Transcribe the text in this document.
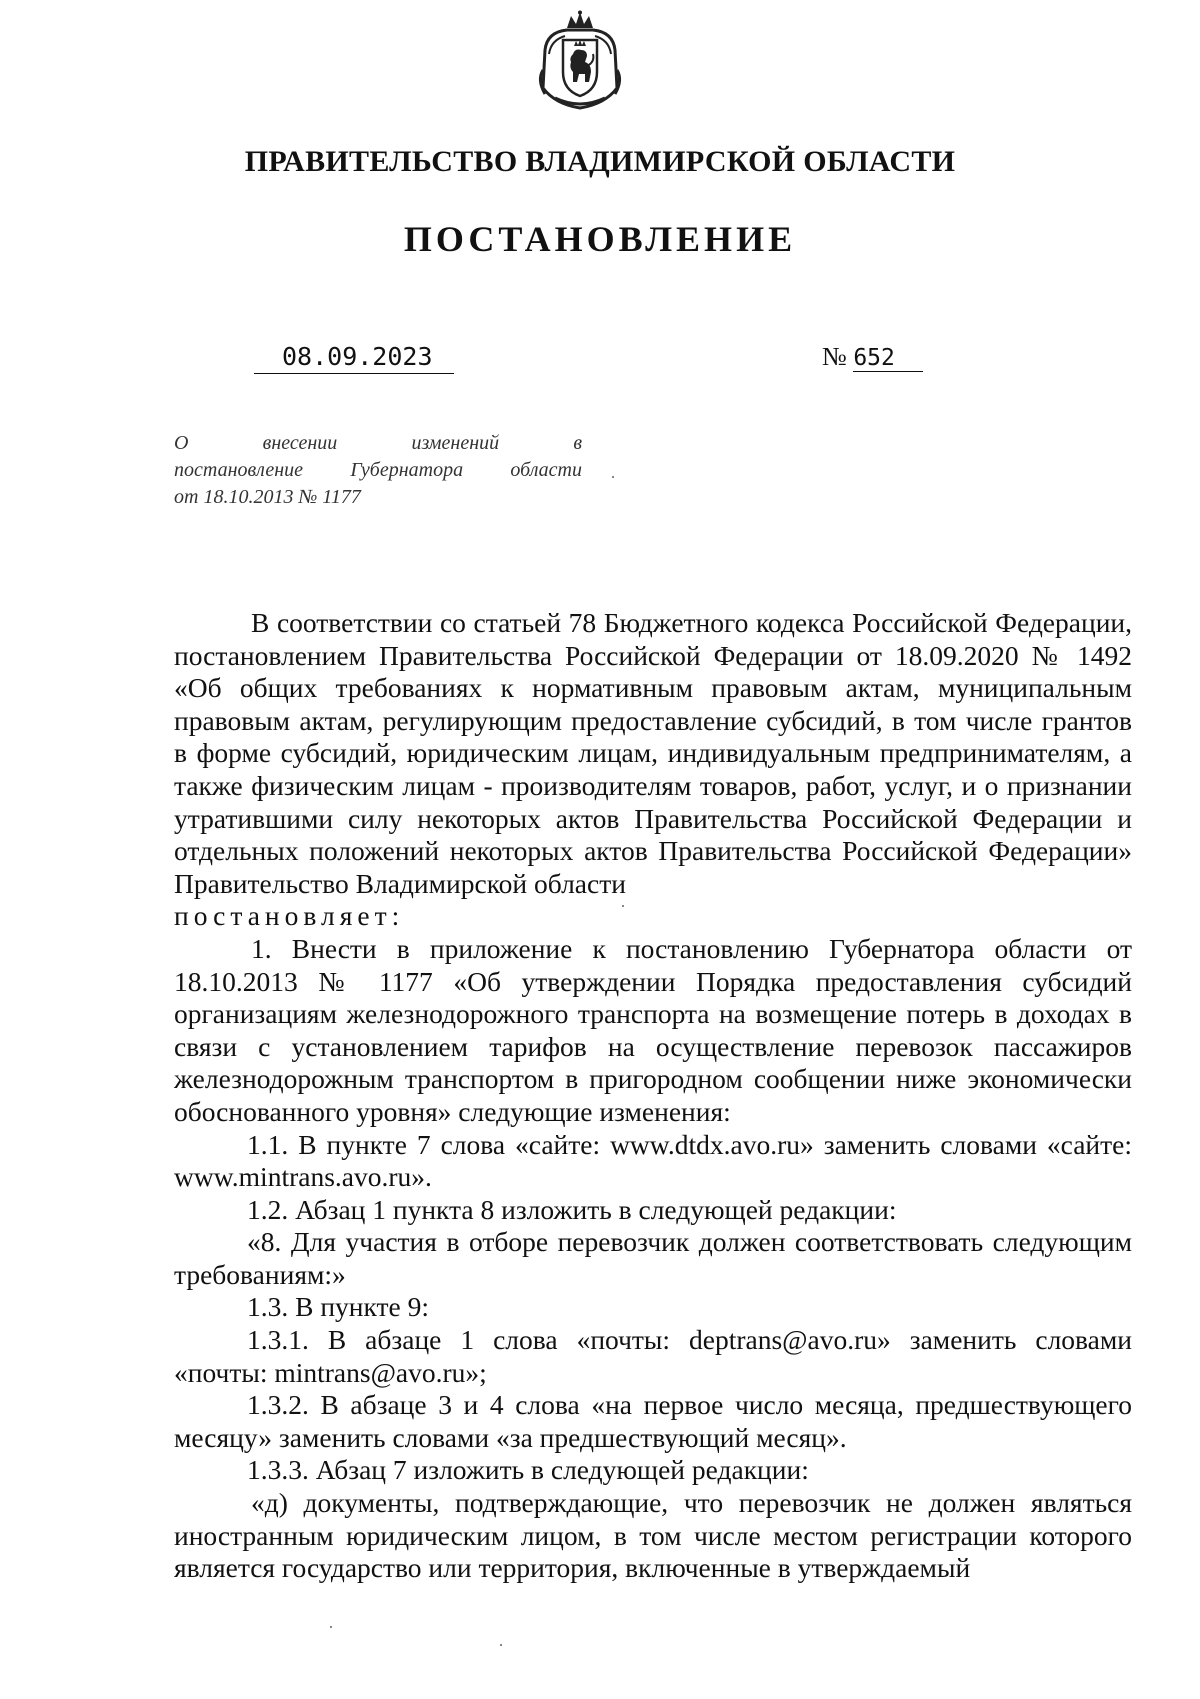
ПРАВИТЕЛЬСТВО ВЛАДИМИРСКОЙ ОБЛАСТИ
ПОСТАНОВЛЕНИЕ
08.09.2023	№ 652
О внесении изменений в
постановление Губернатора области
от 18.10.2013 № 1177

В соответствии со статьей 78 Бюджетного кодекса Российской Федерации, постановлением Правительства Российской Федерации от 18.09.2020 № 1492 «Об общих требованиях к нормативным правовым актам, муниципальным правовым актам, регулирующим предоставление субсидий, в том числе грантов в форме субсидий, юридическим лицам, индивидуальным предпринимателям, а также физическим лицам - производителям товаров, работ, услуг, и о признании утратившими силу некоторых актов Правительства Российской Федерации и отдельных положений некоторых актов Правительства Российской Федерации» Правительство Владимирской области
постановляет:

1. Внести в приложение к постановлению Губернатора области от 18.10.2013 № 1177 «Об утверждении Порядка предоставления субсидий организациям железнодорожного транспорта на возмещение потерь в доходах в связи с установлением тарифов на осуществление перевозок пассажиров железнодорожным транспортом в пригородном сообщении ниже экономически обоснованного уровня» следующие изменения:

1.1. В пункте 7 слова «сайте: www.dtdx.avo.ru» заменить словами «сайте: www.mintrans.avo.ru».

1.2. Абзац 1 пункта 8 изложить в следующей редакции:

«8. Для участия в отборе перевозчик должен соответствовать следующим требованиям:»

1.3. В пункте 9:

1.3.1. В абзаце 1 слова «почты: deptrans@avo.ru» заменить словами «почты: mintrans@avo.ru»;

1.3.2. В абзаце 3 и 4 слова «на первое число месяца, предшествующего месяцу» заменить словами «за предшествующий месяц».

1.3.3. Абзац 7 изложить в следующей редакции:

«д) документы, подтверждающие, что перевозчик не должен являться иностранным юридическим лицом, в том числе местом регистрации которого является государство или территория, включенные в утверждаемый
